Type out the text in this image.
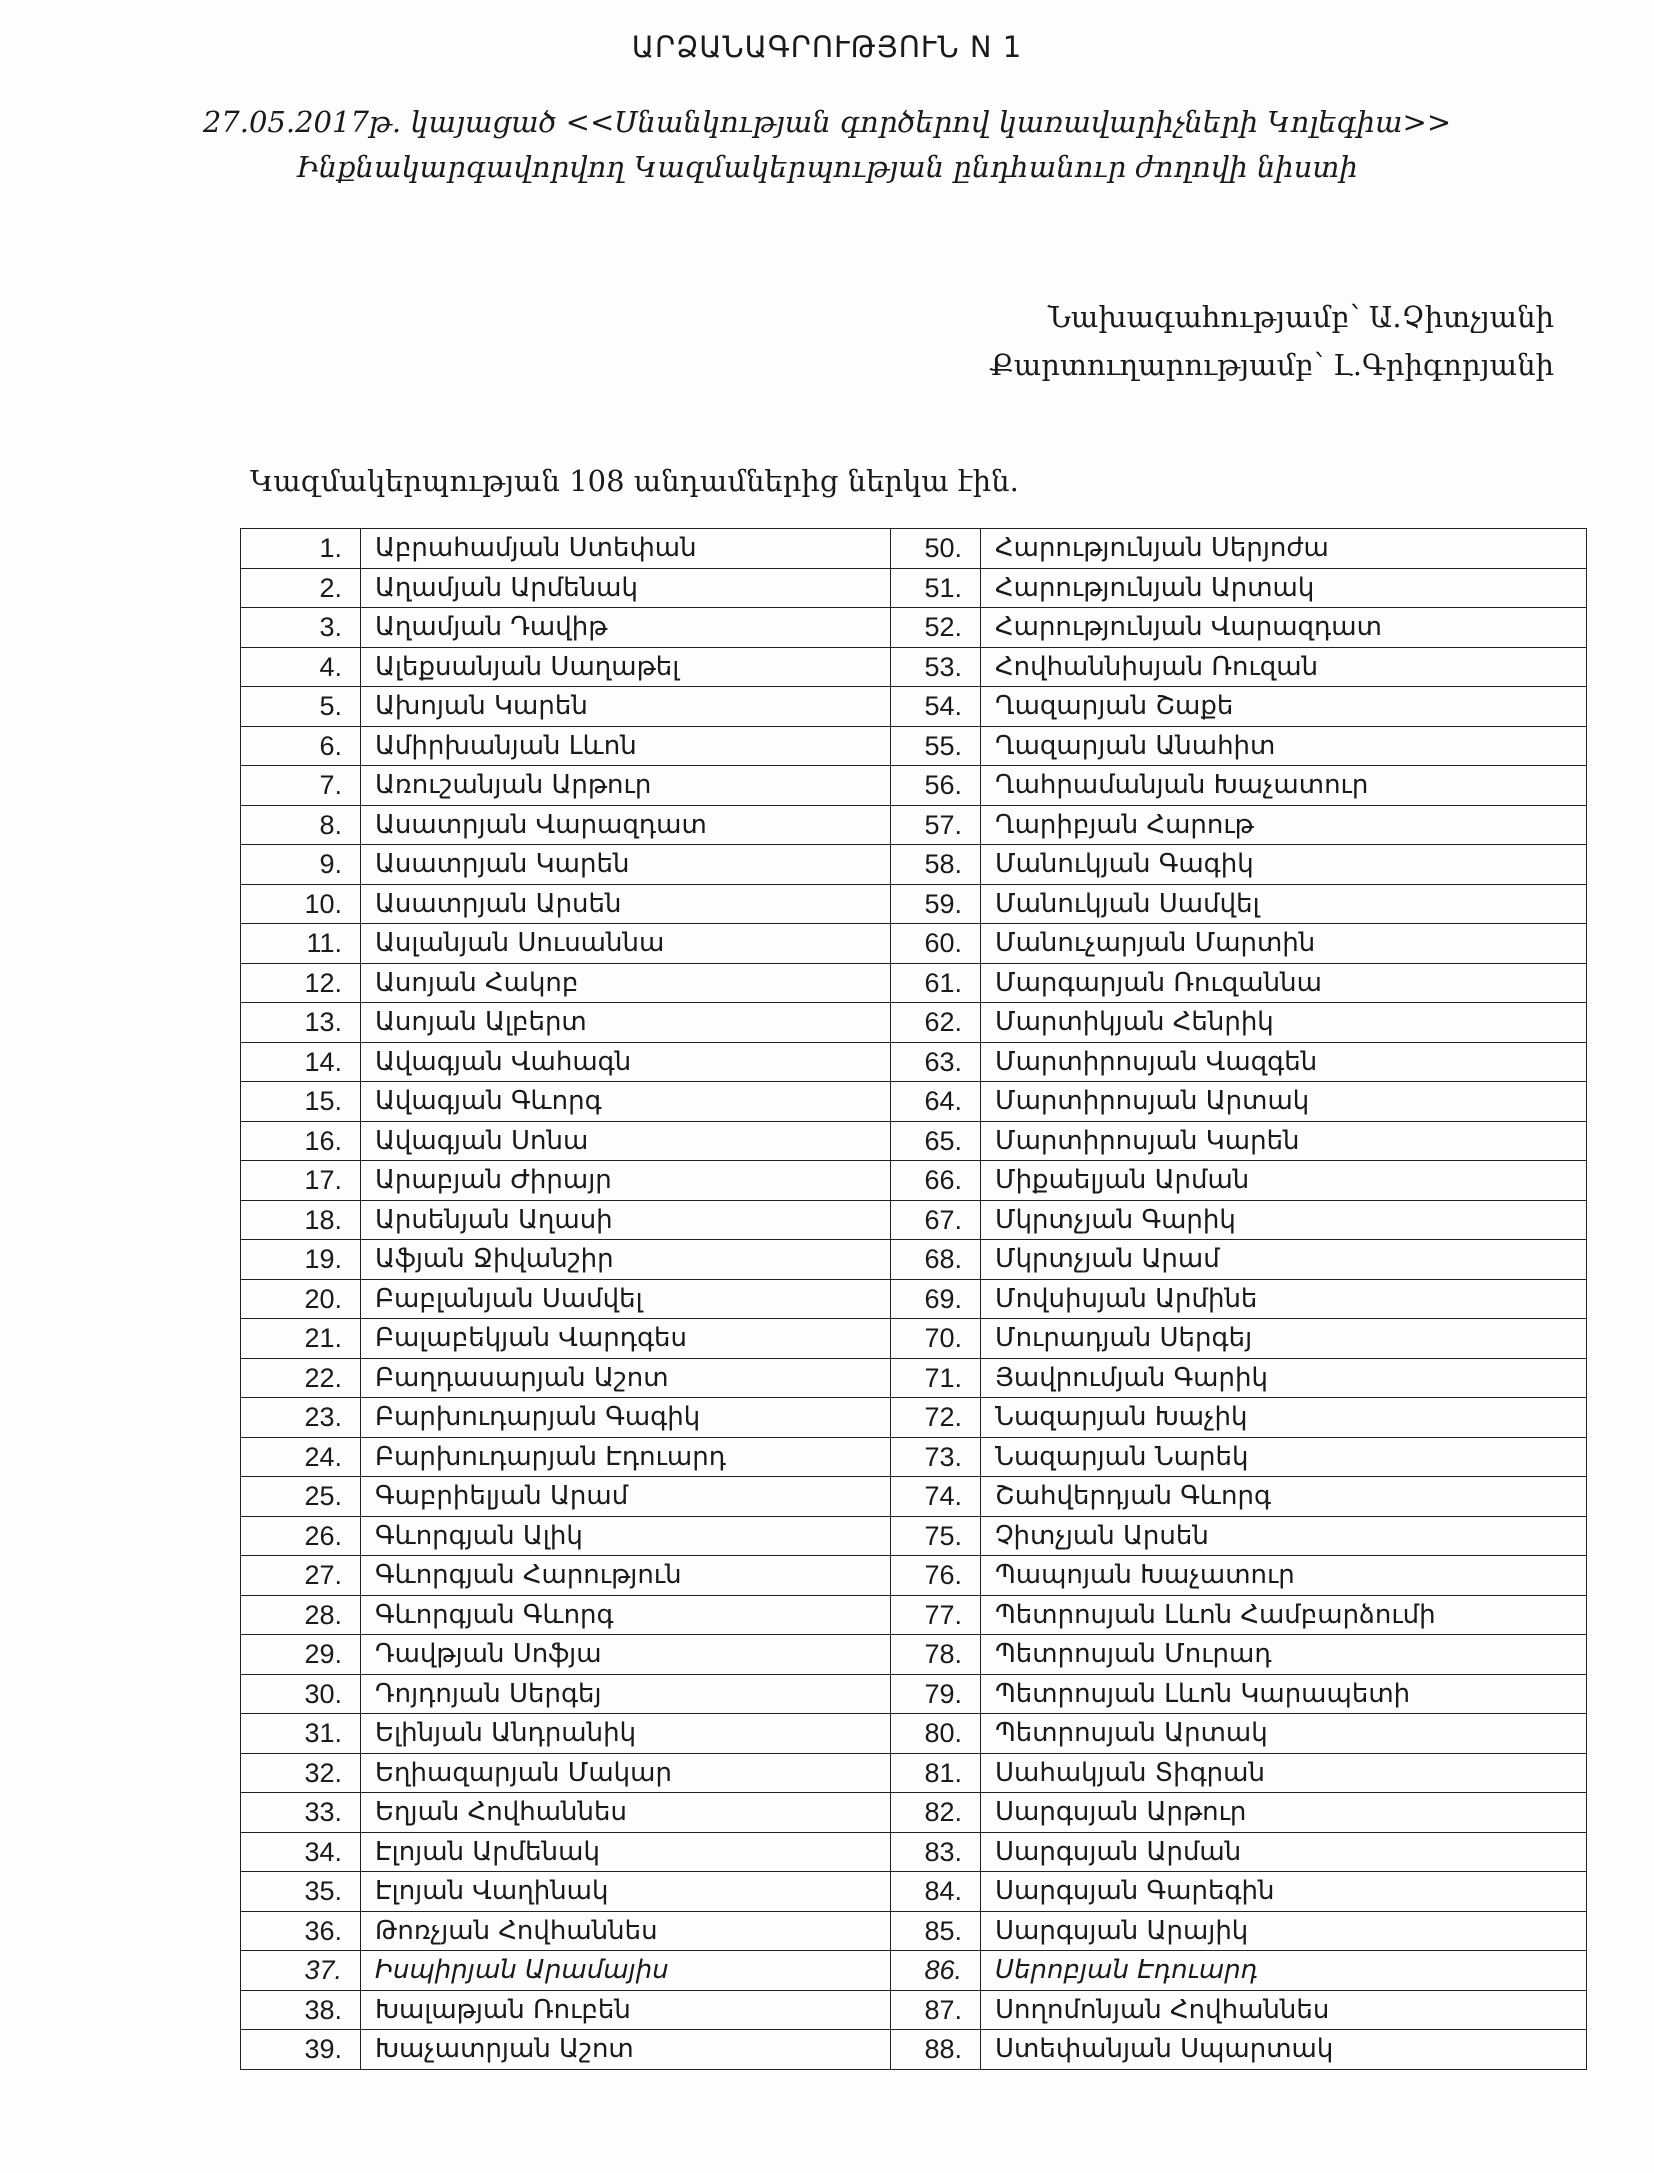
ԱՐՁԱՆԱԳՐՈՒԹՅՈՒՆ N 1
27.05.2017թ. կայացած <<Սնանկության գործերով կառավարիչների Կոլեգիա>>
Ինքնակարգավորվող Կազմակերպության ընդհանուր ժողովի նիստի
Նախագահությամբ՝ Ա.Չիտչյանի
Քարտուղարությամբ՝ Լ.Գրիգորյանի
Կազմակերպության 108 անդամներից ներկա էին.
1.	Աբրահամյան Ստեփան	50.	Հարությունյան Սերյոժա
2.	Աղամյան Արմենակ	51.	Հարությունյան Արտակ
3.	Աղամյան Դավիթ	52.	Հարությունյան Վարազդատ
4.	Ալեքսանյան Սաղաթել	53.	Հովհաննիսյան Ռուզան
5.	Ախոյան Կարեն	54.	Ղազարյան Շաքե
6.	Ամիրխանյան Լևոն	55.	Ղազարյան Անահիտ
7.	Առուշանյան Արթուր	56.	Ղահրամանյան Խաչատուր
8.	Ասատրյան Վարազդատ	57.	Ղարիբյան Հարութ
9.	Ասատրյան Կարեն	58.	Մանուկյան Գագիկ
10.	Ասատրյան Արսեն	59.	Մանուկյան Սամվել
11.	Ասլանյան Սուսաննա	60.	Մանուչարյան Մարտին
12.	Ասոյան Հակոբ	61.	Մարգարյան Ռուզաննա
13.	Ասոյան Ալբերտ	62.	Մարտիկյան Հենրիկ
14.	Ավագյան Վահագն	63.	Մարտիրոսյան Վազգեն
15.	Ավագյան Գևորգ	64.	Մարտիրոսյան Արտակ
16.	Ավագյան Սոնա	65.	Մարտիրոսյան Կարեն
17.	Արաբյան Ժիրայր	66.	Միքաելյան Արման
18.	Արսենյան Աղասի	67.	Մկրտչյան Գարիկ
19.	Աֆյան Ջիվանշիր	68.	Մկրտչյան Արամ
20.	Բաբլանյան Սամվել	69.	Մովսիսյան Արմինե
21.	Բալաբեկյան Վարդգես	70.	Մուրադյան Սերգեյ
22.	Բաղդասարյան Աշոտ	71.	Յավրումյան Գարիկ
23.	Բարխուդարյան Գագիկ	72.	Նազարյան Խաչիկ
24.	Բարխուդարյան Էդուարդ	73.	Նազարյան Նարեկ
25.	Գաբրիելյան Արամ	74.	Շահվերդյան Գևորգ
26.	Գևորգյան Ալիկ	75.	Չիտչյան Արսեն
27.	Գևորգյան Հարություն	76.	Պապոյան Խաչատուր
28.	Գևորգյան Գևորգ	77.	Պետրոսյան Լևոն Համբարձումի
29.	Դավթյան Սոֆյա	78.	Պետրոսյան Մուրադ
30.	Դոյդոյան Սերգեյ	79.	Պետրոսյան Լևոն Կարապետի
31.	Ելինյան Անդրանիկ	80.	Պետրոսյան Արտակ
32.	Եղիազարյան Մակար	81.	Սահակյան Տիգրան
33.	Եղյան Հովհաննես	82.	Սարգսյան Արթուր
34.	Էլոյան Արմենակ	83.	Սարգսյան Արման
35.	Էլոյան Վաղինակ	84.	Սարգսյան Գարեգին
36.	Թոռչյան Հովհաննես	85.	Սարգսյան Արայիկ
37.	Իսպիրյան Արամայիս	86.	Սերոբյան Էդուարդ
38.	Խալաթյան Ռուբեն	87.	Սողոմոնյան Հովհաննես
39.	Խաչատրյան Աշոտ	88.	Ստեփանյան Սպարտակ
